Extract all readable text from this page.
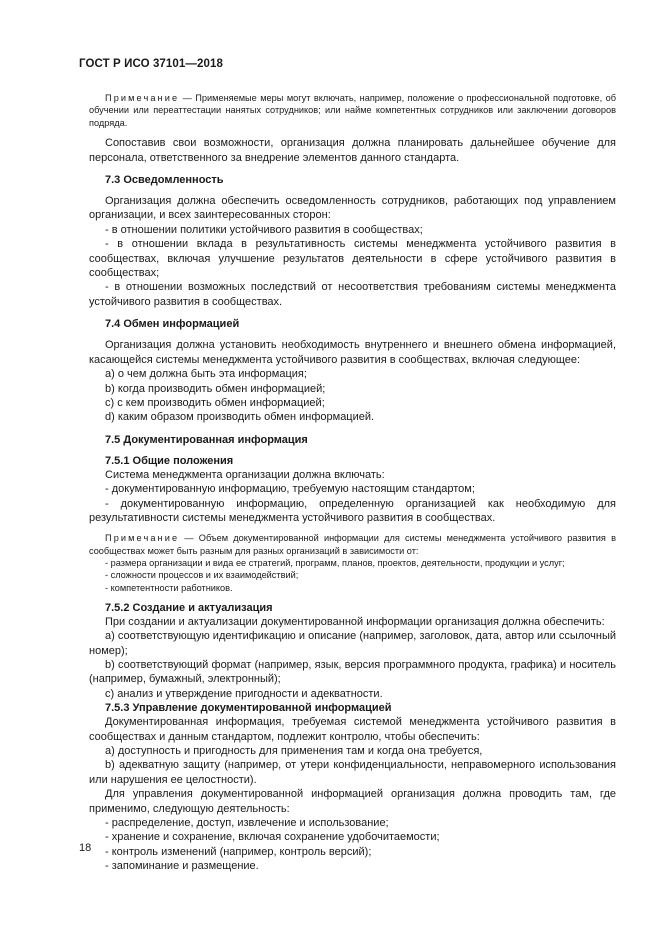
ГОСТ Р ИСО 37101—2018

Примечание — Применяемые меры могут включать, например, положение о профессиональной подготовке, об обучении или переаттестации нанятых сотрудников; или найме компетентных сотрудников или заключении договоров подряда.

Сопоставив свои возможности, организация должна планировать дальнейшее обучение для персонала, ответственного за внедрение элементов данного стандарта.

7.3 Осведомленность

Организация должна обеспечить осведомленность сотрудников, работающих под управлением организации, и всех заинтересованных сторон:

- в отношении политики устойчивого развития в сообществах;

- в отношении вклада в результативность системы менеджмента устойчивого развития в сообществах, включая улучшение результатов деятельности в сфере устойчивого развития в сообществах;

- в отношении возможных последствий от несоответствия требованиям системы менеджмента устойчивого развития в сообществах.

7.4 Обмен информацией

Организация должна установить необходимость внутреннего и внешнего обмена информацией, касающейся системы менеджмента устойчивого развития в сообществах, включая следующее:

a) о чем должна быть эта информация;

b) когда производить обмен информацией;

c) с кем производить обмен информацией;

d) каким образом производить обмен информацией.

7.5 Документированная информация

7.5.1 Общие положения

Система менеджмента организации должна включать:

- документированную информацию, требуемую настоящим стандартом;

- документированную информацию, определенную организацией как необходимую для результативности системы менеджмента устойчивого развития в сообществах.

Примечание — Объем документированной информации для системы менеджмента устойчивого развития в сообществах может быть разным для разных организаций в зависимости от:

- размера организации и вида ее стратегий, программ, планов, проектов, деятельности, продукции и услуг;

- сложности процессов и их взаимодействий;

- компетентности работников.

7.5.2 Создание и актуализация

При создании и актуализации документированной информации организация должна обеспечить:

a) соответствующую идентификацию и описание (например, заголовок, дата, автор или ссылочный номер);

b) соответствующий формат (например, язык, версия программного продукта, графика) и носитель (например, бумажный, электронный);

c) анализ и утверждение пригодности и адекватности.

7.5.3 Управление документированной информацией

Документированная информация, требуемая системой менеджмента устойчивого развития в сообществах и данным стандартом, подлежит контролю, чтобы обеспечить:

a) доступность и пригодность для применения там и когда она требуется,

b) адекватную защиту (например, от утери конфиденциальности, неправомерного использования или нарушения ее целостности).

Для управления документированной информацией организация должна проводить там, где применимо, следующую деятельность:

- распределение, доступ, извлечение и использование;

- хранение и сохранение, включая сохранение удобочитаемости;

- контроль изменений (например, контроль версий);

- запоминание и размещение.

18
